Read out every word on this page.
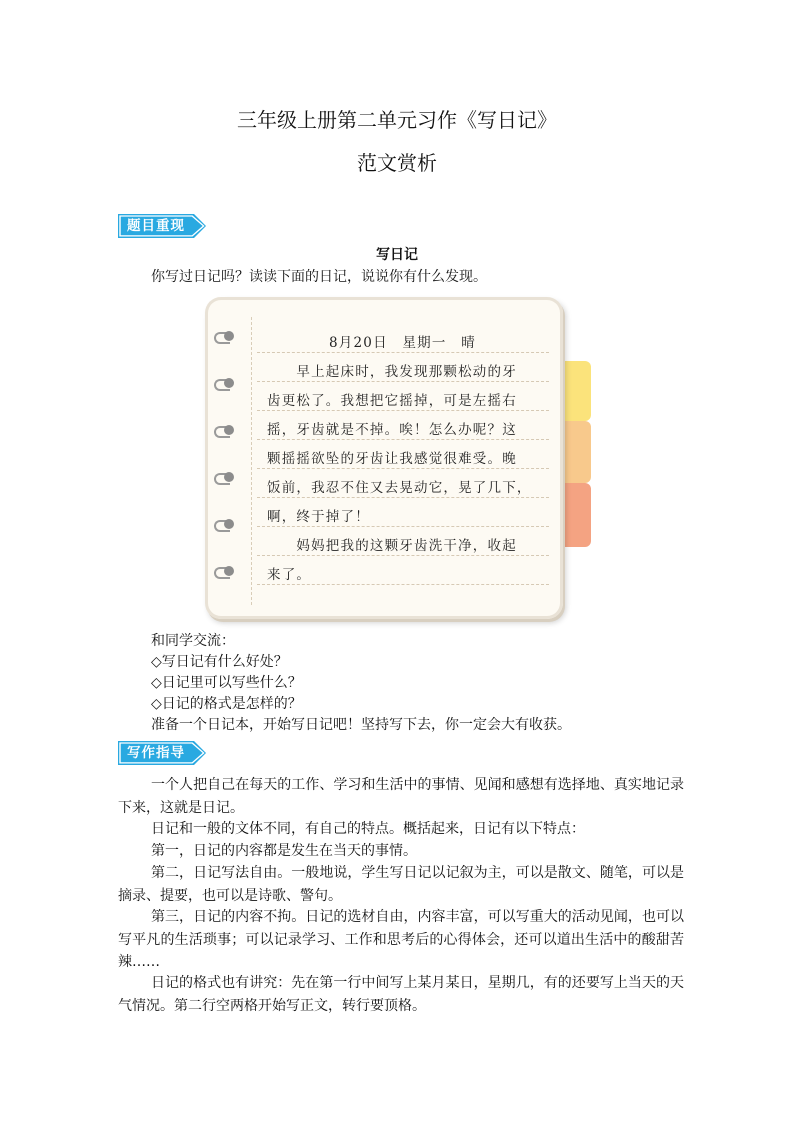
三年级上册第二单元习作《写日记》
范文赏析
题目重现
写日记

你写过日记吗？读读下面的日记，说说你有什么发现。

8月20日　星期一　晴
　　早上起床时，我发现那颗松动的牙
齿更松了。我想把它摇掉，可是左摇右
摇，牙齿就是不掉。唉！怎么办呢？这
颗摇摇欲坠的牙齿让我感觉很难受。晚
饭前，我忍不住又去晃动它，晃了几下，
啊，终于掉了！
　　妈妈把我的这颗牙齿洗干净，收起
来了。

和同学交流：

◇写日记有什么好处？

◇日记里可以写些什么？

◇日记的格式是怎样的？

准备一个日记本，开始写日记吧！坚持写下去，你一定会大有收获。

写作指导

一个人把自己在每天的工作、学习和生活中的事情、见闻和感想有选择地、真实地记录下来，这就是日记。

日记和一般的文体不同，有自己的特点。概括起来，日记有以下特点：

第一，日记的内容都是发生在当天的事情。

第二，日记写法自由。一般地说，学生写日记以记叙为主，可以是散文、随笔，可以是摘录、提要，也可以是诗歌、警句。

第三，日记的内容不拘。日记的选材自由，内容丰富，可以写重大的活动见闻，也可以写平凡的生活琐事；可以记录学习、工作和思考后的心得体会，还可以道出生活中的酸甜苦辣……

日记的格式也有讲究：先在第一行中间写上某月某日，星期几，有的还要写上当天的天气情况。第二行空两格开始写正文，转行要顶格。
